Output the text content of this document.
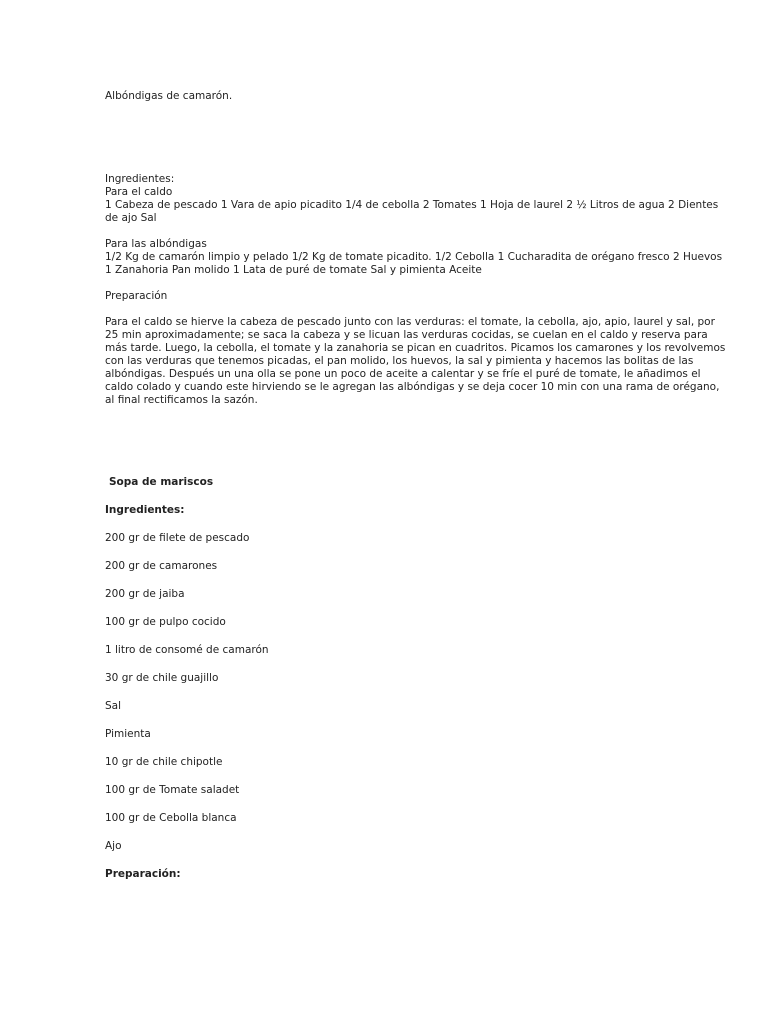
Albóndigas de camarón.

Ingredientes:

Para el caldo

1 Cabeza de pescado 1 Vara de apio picadito 1/4 de cebolla 2 Tomates 1 Hoja de laurel 2 ½ Litros de agua 2 Dientes

de ajo Sal

Para las albóndigas

1/2 Kg de camarón limpio y pelado 1/2 Kg de tomate picadito. 1/2 Cebolla 1 Cucharadita de orégano fresco 2 Huevos

1 Zanahoria Pan molido 1 Lata de puré de tomate Sal y pimienta Aceite

Preparación

Para el caldo se hierve la cabeza de pescado junto con las verduras: el tomate, la cebolla, ajo, apio, laurel y sal, por

25 min aproximadamente; se saca la cabeza y se licuan las verduras cocidas, se cuelan en el caldo y reserva para

más tarde. Luego, la cebolla, el tomate y la zanahoria se pican en cuadritos. Picamos los camarones y los revolvemos

con las verduras que tenemos picadas, el pan molido, los huevos, la sal y pimienta y hacemos las bolitas de las

albóndigas. Después un una olla se pone un poco de aceite a calentar y se fríe el puré de tomate, le añadimos el

caldo colado y cuando este hirviendo se le agregan las albóndigas y se deja cocer 10 min con una rama de orégano,

al final rectificamos la sazón.

Sopa de mariscos

Ingredientes:

200 gr de filete de pescado

200 gr de camarones

200 gr de jaiba

100 gr de pulpo cocido

1 litro de consomé de camarón

30 gr de chile guajillo

Sal

Pimienta

10 gr de chile chipotle

100 gr de Tomate saladet

100 gr de Cebolla blanca

Ajo

Preparación:
